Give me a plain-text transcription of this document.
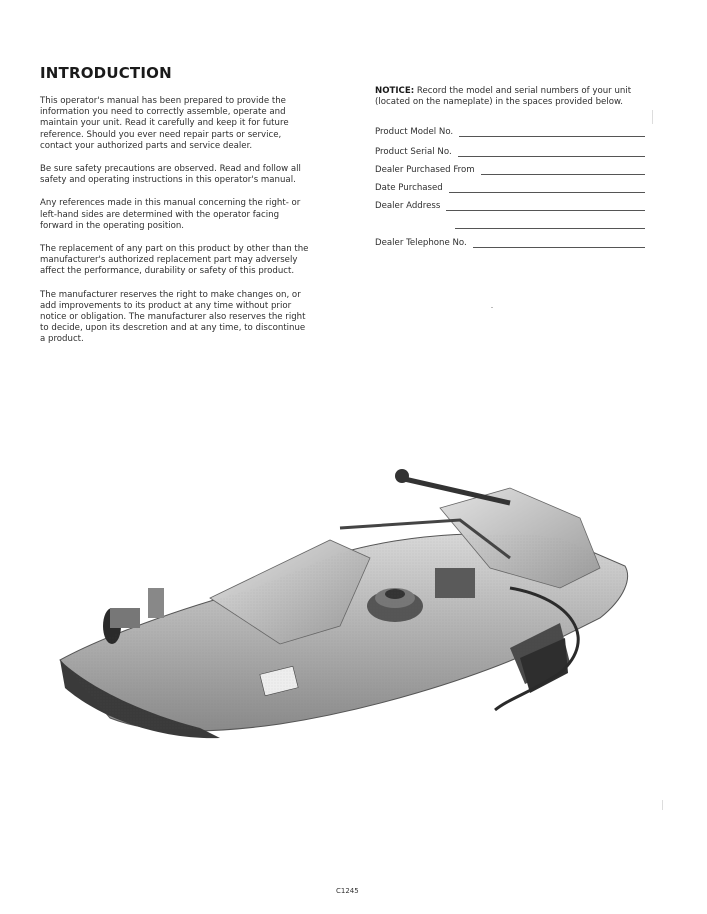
INTRODUCTION

This operator's manual has been prepared to provide the information you need to correctly assemble, operate and maintain your unit. Read it carefully and keep it for future reference. Should you ever need repair parts or service, contact your authorized parts and service dealer.

Be sure safety precautions are observed. Read and follow all safety and operating instructions in this operator's manual.

Any references made in this manual concerning the right- or left-hand sides are determined with the operator facing forward in the operating position.

The replacement of any part on this product by other than the manufacturer's authorized replacement part may adversely affect the performance, durability or safety of this product.

The manufacturer reserves the right to make changes on, or add improvements to its product at any time without prior notice or obligation. The manufacturer also reserves the right to decide, upon its descretion and at any time, to discontinue a product.

NOTICE: Record the model and serial numbers of your unit (located on the nameplate) in the spaces provided below.

Product Model No.
Product Serial No.
Dealer Purchased From
Date Purchased
Dealer Address
Dealer Telephone No.
C1245
